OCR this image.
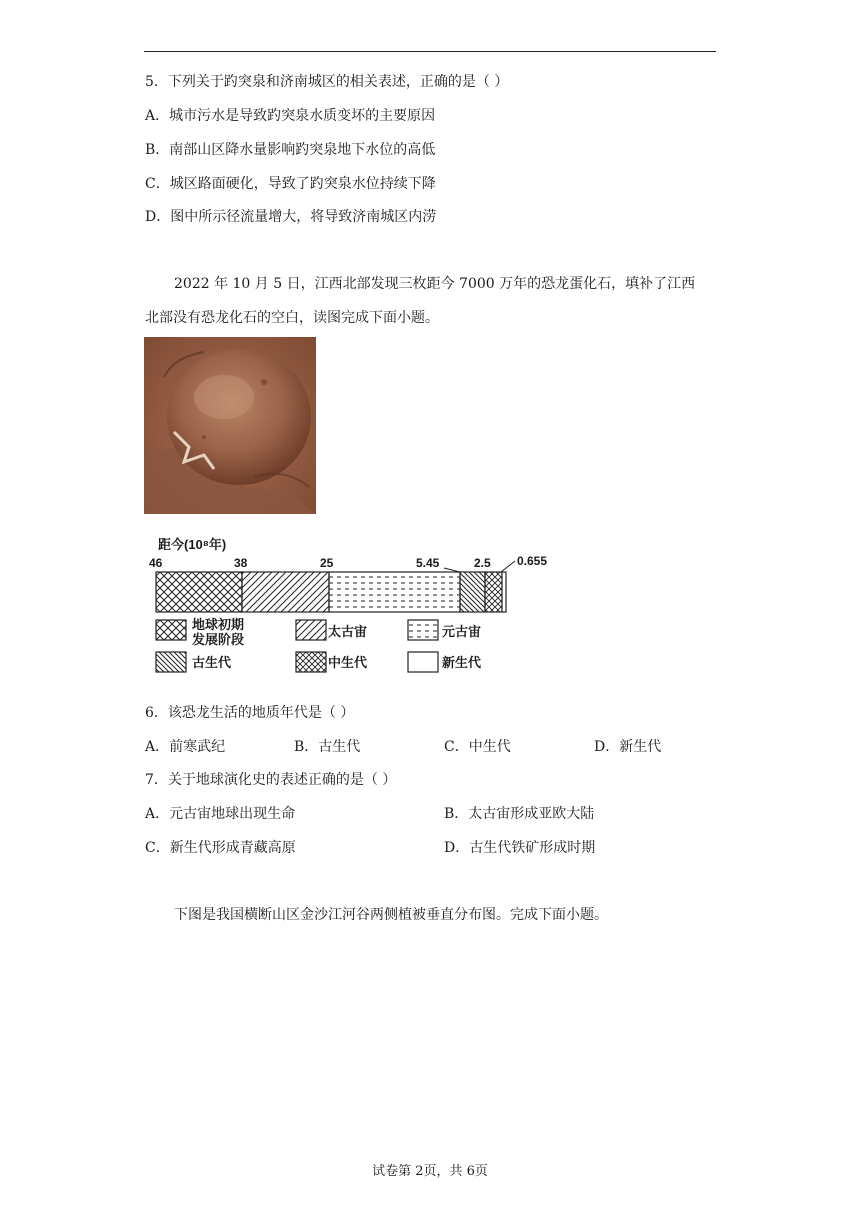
5．下列关于趵突泉和济南城区的相关表述，正确的是（ ）
A．城市污水是导致趵突泉水质变坏的主要原因
B．南部山区降水量影响趵突泉地下水位的高低
C．城区路面硬化，导致了趵突泉水位持续下降
D．图中所示径流量增大，将导致济南城区内涝
2022 年 10 月 5 日，江西北部发现三枚距今 7000 万年的恐龙蛋化石，填补了江西
北部没有恐龙化石的空白，读图完成下面小题。
距今(10⁸年)
46	38	25	5.45	2.5 0.655
地球初期
发展阶段
太古宙	元古宙
古生代	中生代	新生代
6．该恐龙生活的地质年代是（ ）
A．前寒武纪	B．古生代	C．中生代	D．新生代
7．关于地球演化史的表述正确的是（ ）
A．元古宙地球出现生命	B．太古宙形成亚欧大陆
C．新生代形成青藏高原	D．古生代铁矿形成时期
下图是我国横断山区金沙江河谷两侧植被垂直分布图。完成下面小题。
试卷第 2页，共 6页
